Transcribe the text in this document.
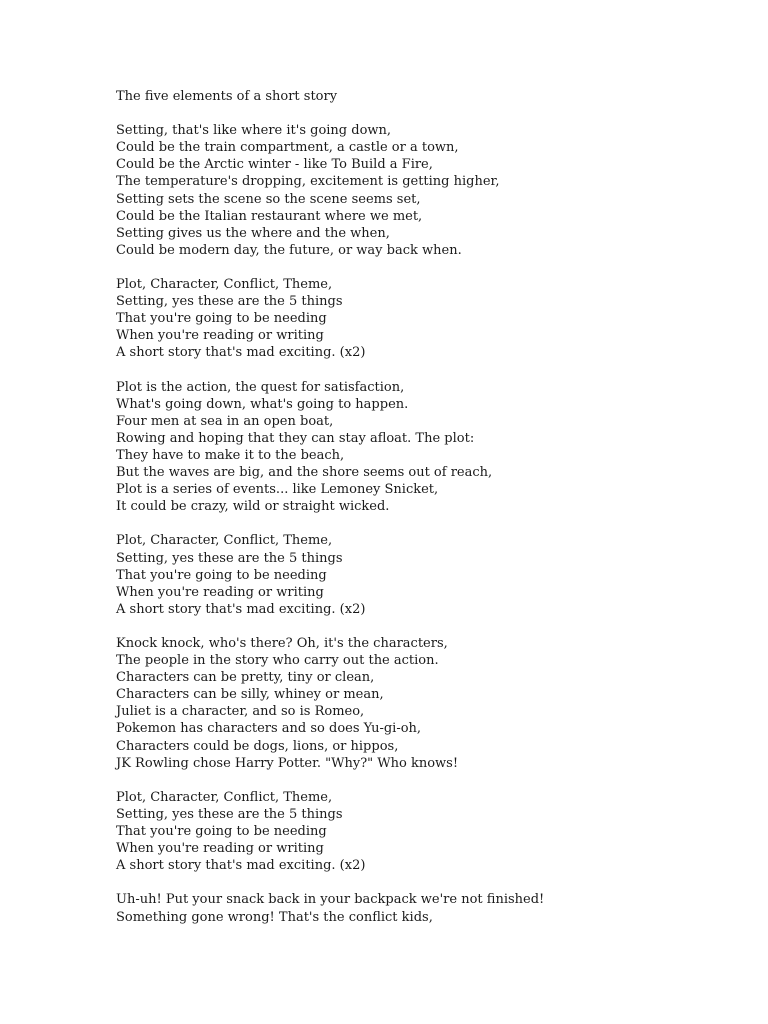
The five elements of a short story
Setting, that's like where it's going down,
Could be the train compartment, a castle or a town,
Could be the Arctic winter - like To Build a Fire,
The temperature's dropping, excitement is getting higher,
Setting sets the scene so the scene seems set,
Could be the Italian restaurant where we met,
Setting gives us the where and the when,
Could be modern day, the future, or way back when.
Plot, Character, Conflict, Theme,
Setting, yes these are the 5 things
That you're going to be needing
When you're reading or writing
A short story that's mad exciting. (x2)
Plot is the action, the quest for satisfaction,
What's going down, what's going to happen.
Four men at sea in an open boat,
Rowing and hoping that they can stay afloat. The plot:
They have to make it to the beach,
But the waves are big, and the shore seems out of reach,
Plot is a series of events... like Lemoney Snicket,
It could be crazy, wild or straight wicked.
Plot, Character, Conflict, Theme,
Setting, yes these are the 5 things
That you're going to be needing
When you're reading or writing
A short story that's mad exciting. (x2)
Knock knock, who's there? Oh, it's the characters,
The people in the story who carry out the action.
Characters can be pretty, tiny or clean,
Characters can be silly, whiney or mean,
Juliet is a character, and so is Romeo,
Pokemon has characters and so does Yu-gi-oh,
Characters could be dogs, lions, or hippos,
JK Rowling chose Harry Potter. "Why?" Who knows!
Plot, Character, Conflict, Theme,
Setting, yes these are the 5 things
That you're going to be needing
When you're reading or writing
A short story that's mad exciting. (x2)
Uh-uh! Put your snack back in your backpack we're not finished!
Something gone wrong! That's the conflict kids,
